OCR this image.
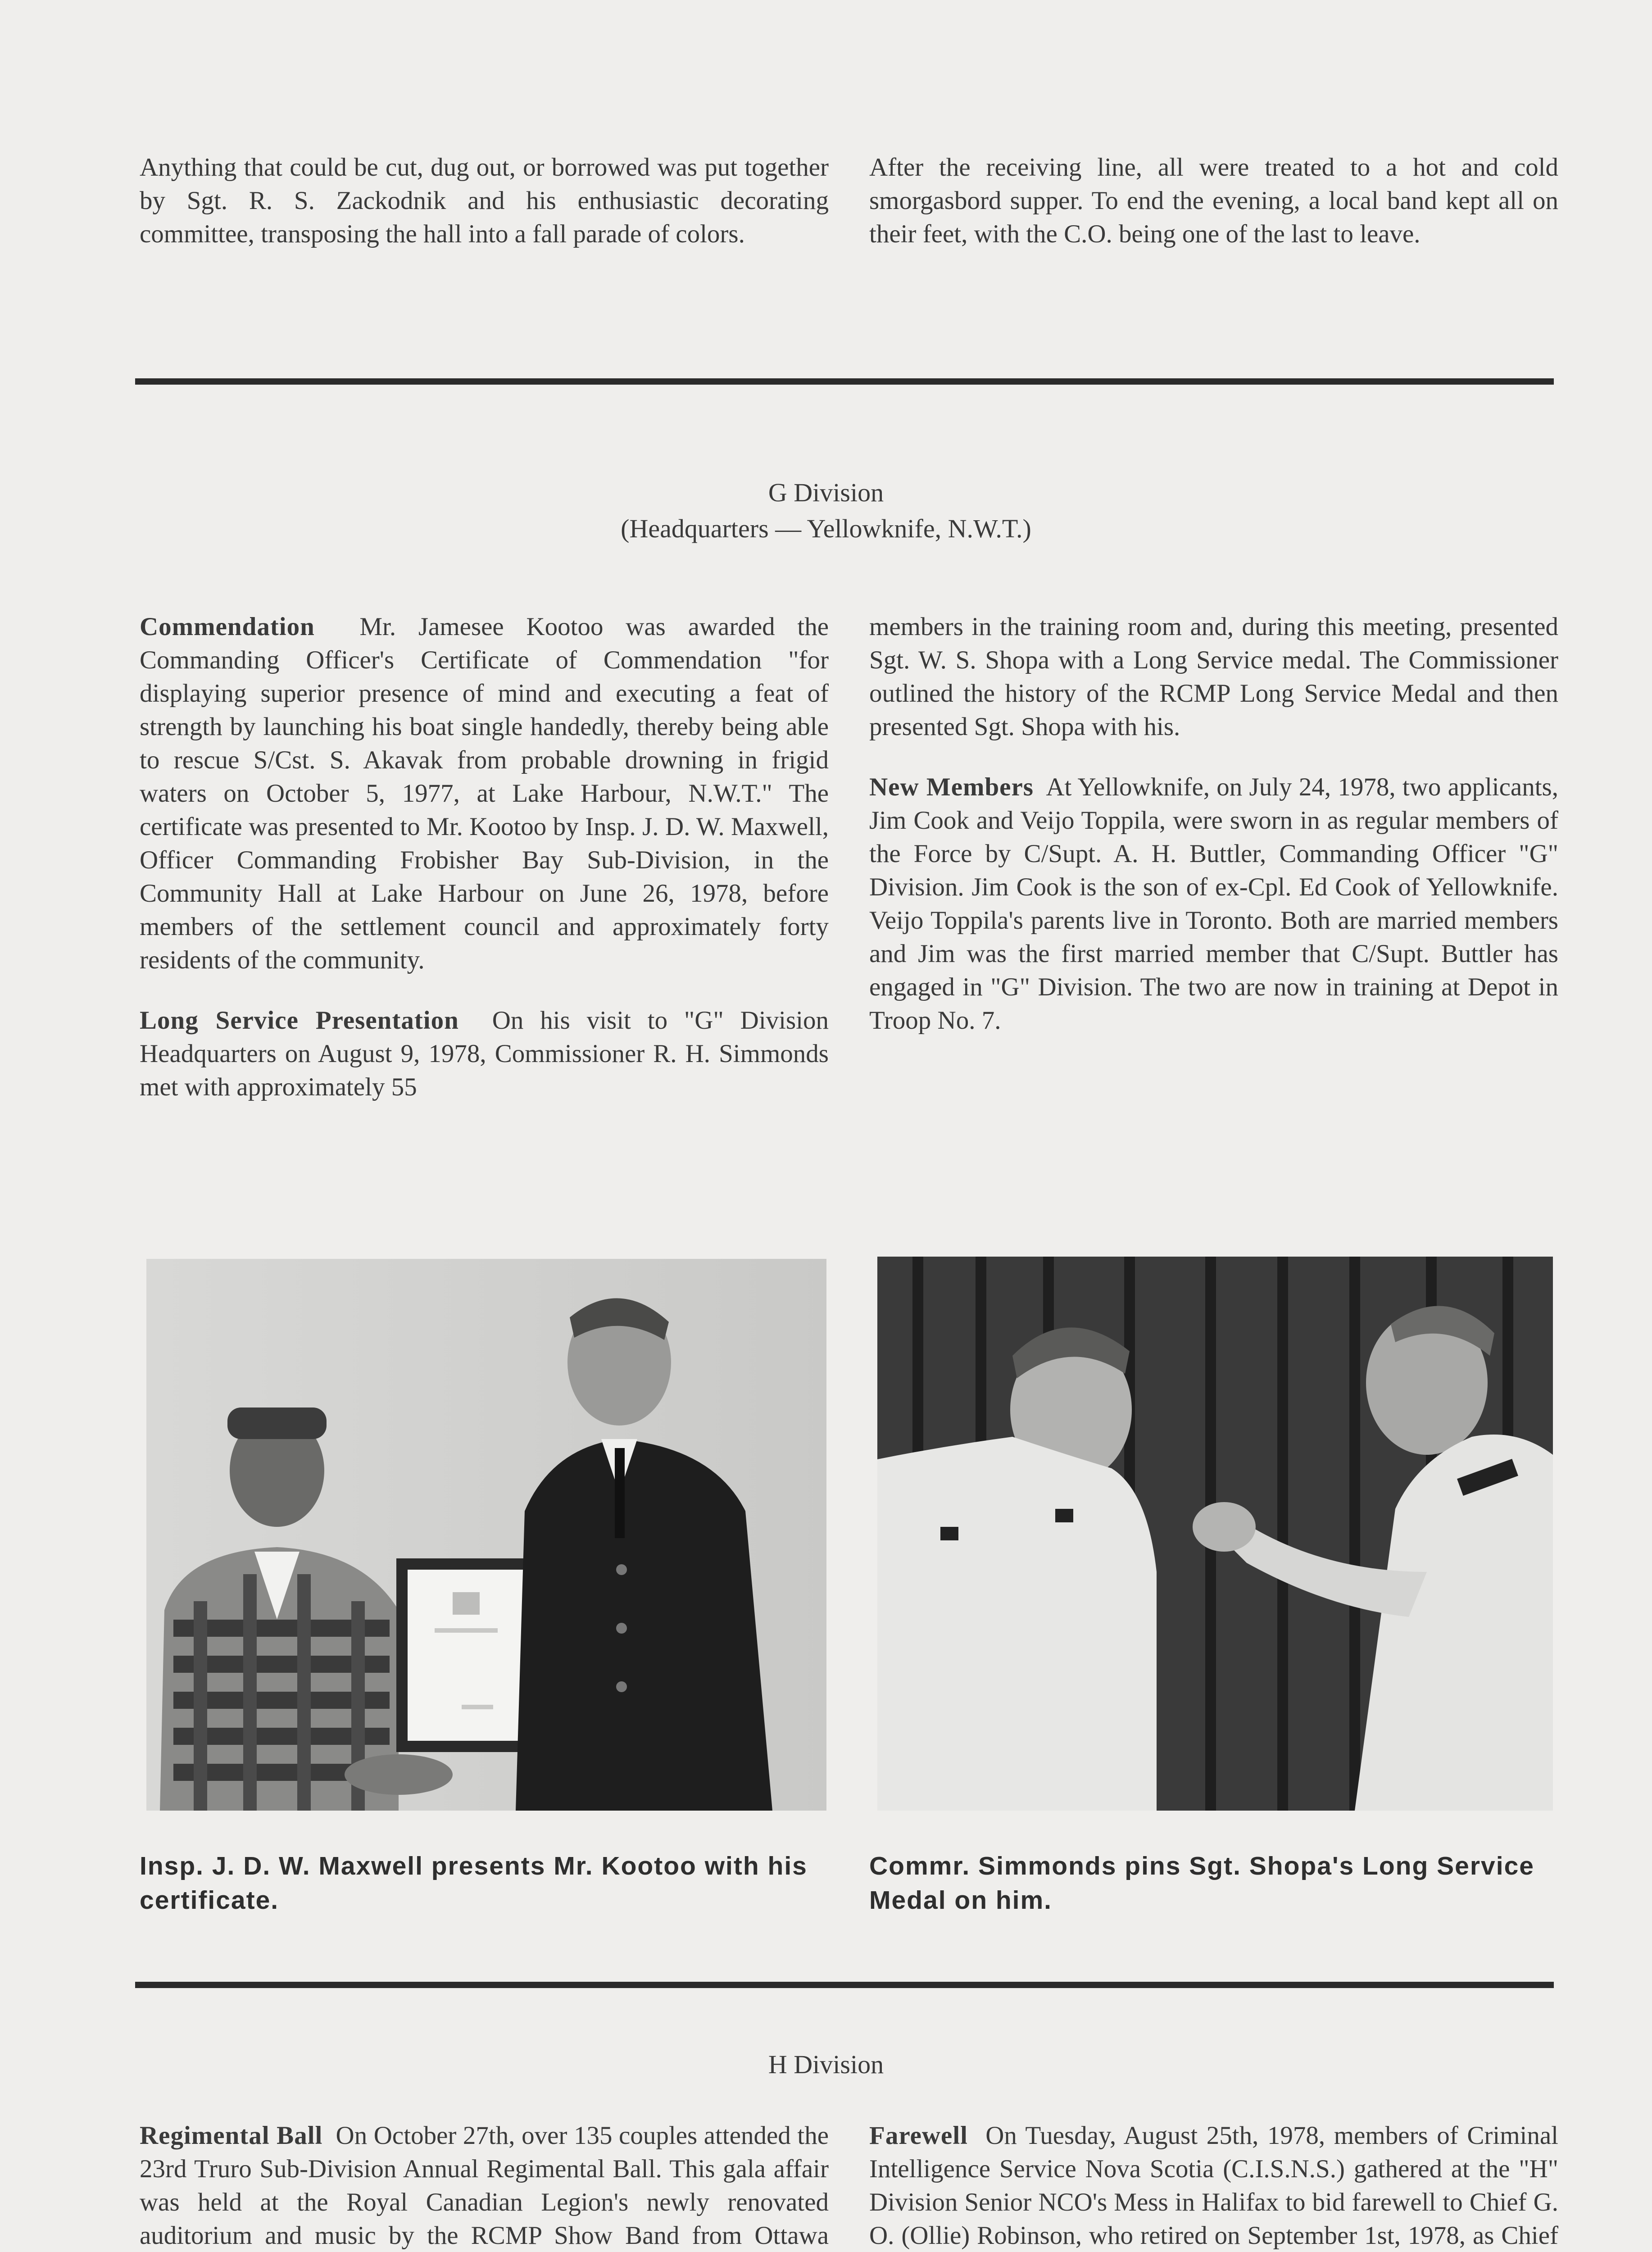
Anything that could be cut, dug out, or borrowed was put together by Sgt. R. S. Zackodnik and his enthusiastic decorating committee, transposing the hall into a fall parade of colors.

After the receiving line, all were treated to a hot and cold smorgasbord supper. To end the evening, a local band kept all on their feet, with the C.O. being one of the last to leave.

G Division
(Headquarters — Yellowknife, N.W.T.)

Commendation Mr. Jamesee Kootoo was awarded the Commanding Officer's Certificate of Commendation "for displaying superior presence of mind and executing a feat of strength by launching his boat single handedly, thereby being able to rescue S/Cst. S. Akavak from probable drowning in frigid waters on October 5, 1977, at Lake Harbour, N.W.T." The certificate was presented to Mr. Kootoo by Insp. J. D. W. Maxwell, Officer Commanding Frobisher Bay Sub-Division, in the Community Hall at Lake Harbour on June 26, 1978, before members of the settlement council and approximately forty residents of the community.

Long Service Presentation On his visit to "G" Division Headquarters on August 9, 1978, Commissioner R. H. Simmonds met with approximately 55

members in the training room and, during this meeting, presented Sgt. W. S. Shopa with a Long Service medal. The Commissioner outlined the history of the RCMP Long Service Medal and then presented Sgt. Shopa with his.

New Members At Yellowknife, on July 24, 1978, two applicants, Jim Cook and Veijo Toppila, were sworn in as regular members of the Force by C/Supt. A. H. Buttler, Commanding Officer "G" Division. Jim Cook is the son of ex-Cpl. Ed Cook of Yellowknife. Veijo Toppila's parents live in Toronto. Both are married members and Jim was the first married member that C/Supt. Buttler has engaged in "G" Division. The two are now in training at Depot in Troop No. 7.

Insp. J. D. W. Maxwell presents Mr. Kootoo with his certificate.
Commr. Simmonds pins Sgt. Shopa's Long Service Medal on him.
H Division

Regimental Ball On October 27th, over 135 couples attended the 23rd Truro Sub-Division Annual Regimental Ball. This gala affair was held at the Royal Canadian Legion's newly renovated auditorium and music by the RCMP Show Band from Ottawa

Farewell On Tuesday, August 25th, 1978, members of Criminal Intelligence Service Nova Scotia (C.I.S.N.S.) gathered at the "H" Division Senior NCO's Mess in Halifax to bid farewell to Chief G. O. (Ollie) Robinson, who retired on September 1st, 1978, as Chief
